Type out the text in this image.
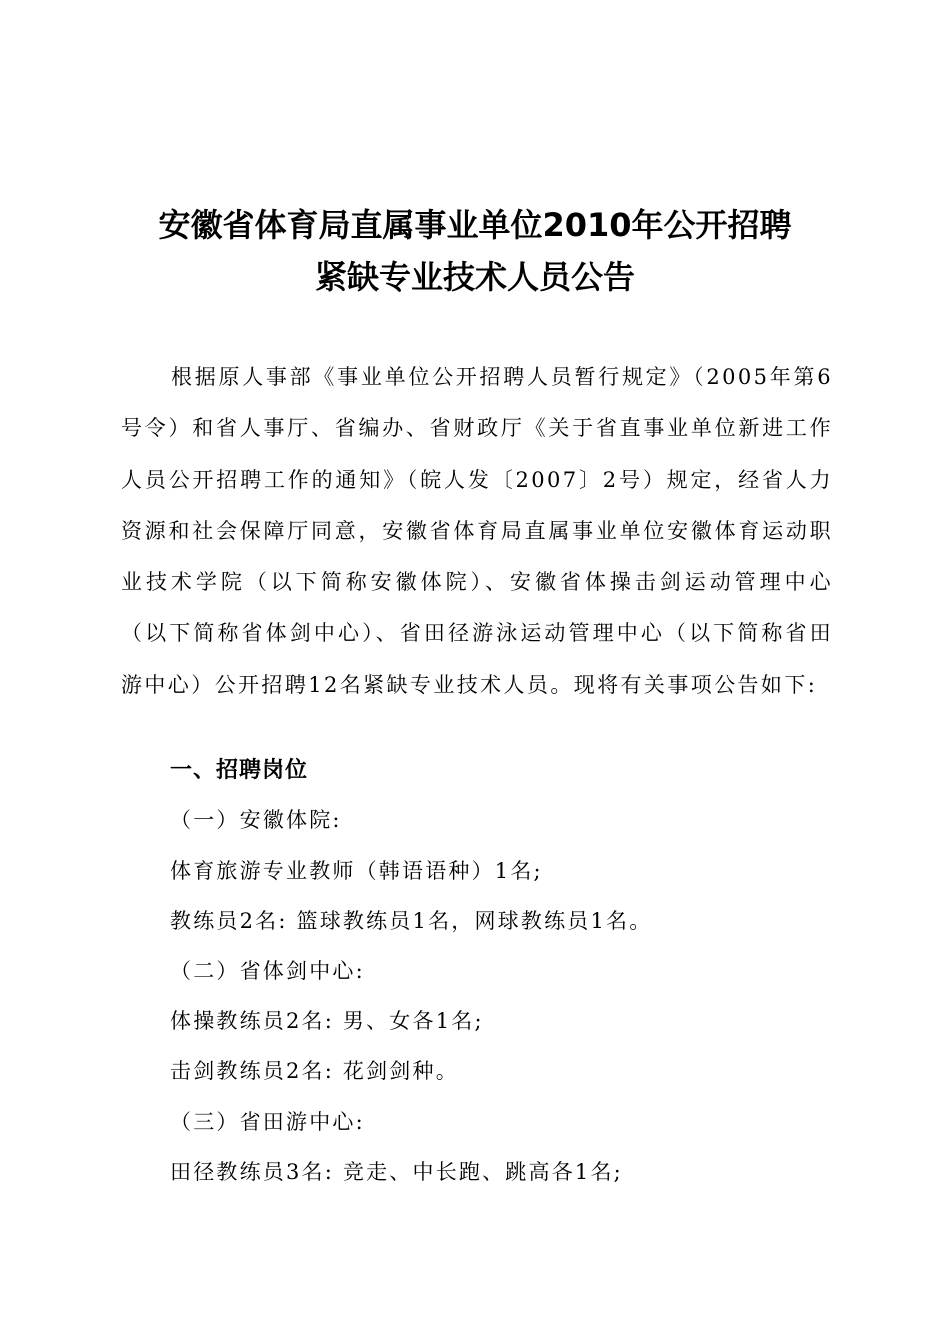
安徽省体育局直属事业单位2010年公开招聘
紧缺专业技术人员公告
根据原人事部《事业单位公开招聘人员暂行规定》（2005年第6号令）和省人事厅、省编办、省财政厅《关于省直事业单位新进工作人员公开招聘工作的通知》（皖人发〔2007〕2号）规定，经省人力资源和社会保障厅同意，安徽省体育局直属事业单位安徽体育运动职业技术学院（以下简称安徽体院）、安徽省体操击剑运动管理中心（以下简称省体剑中心）、省田径游泳运动管理中心（以下简称省田游中心）公开招聘12名紧缺专业技术人员。现将有关事项公告如下:
一、招聘岗位
（一）安徽体院:
体育旅游专业教师（韩语语种）1名;
教练员2名: 篮球教练员1名，网球教练员1名。
（二）省体剑中心:
体操教练员2名: 男、女各1名;
击剑教练员2名: 花剑剑种。
（三）省田游中心:
田径教练员3名: 竞走、中长跑、跳高各1名;
